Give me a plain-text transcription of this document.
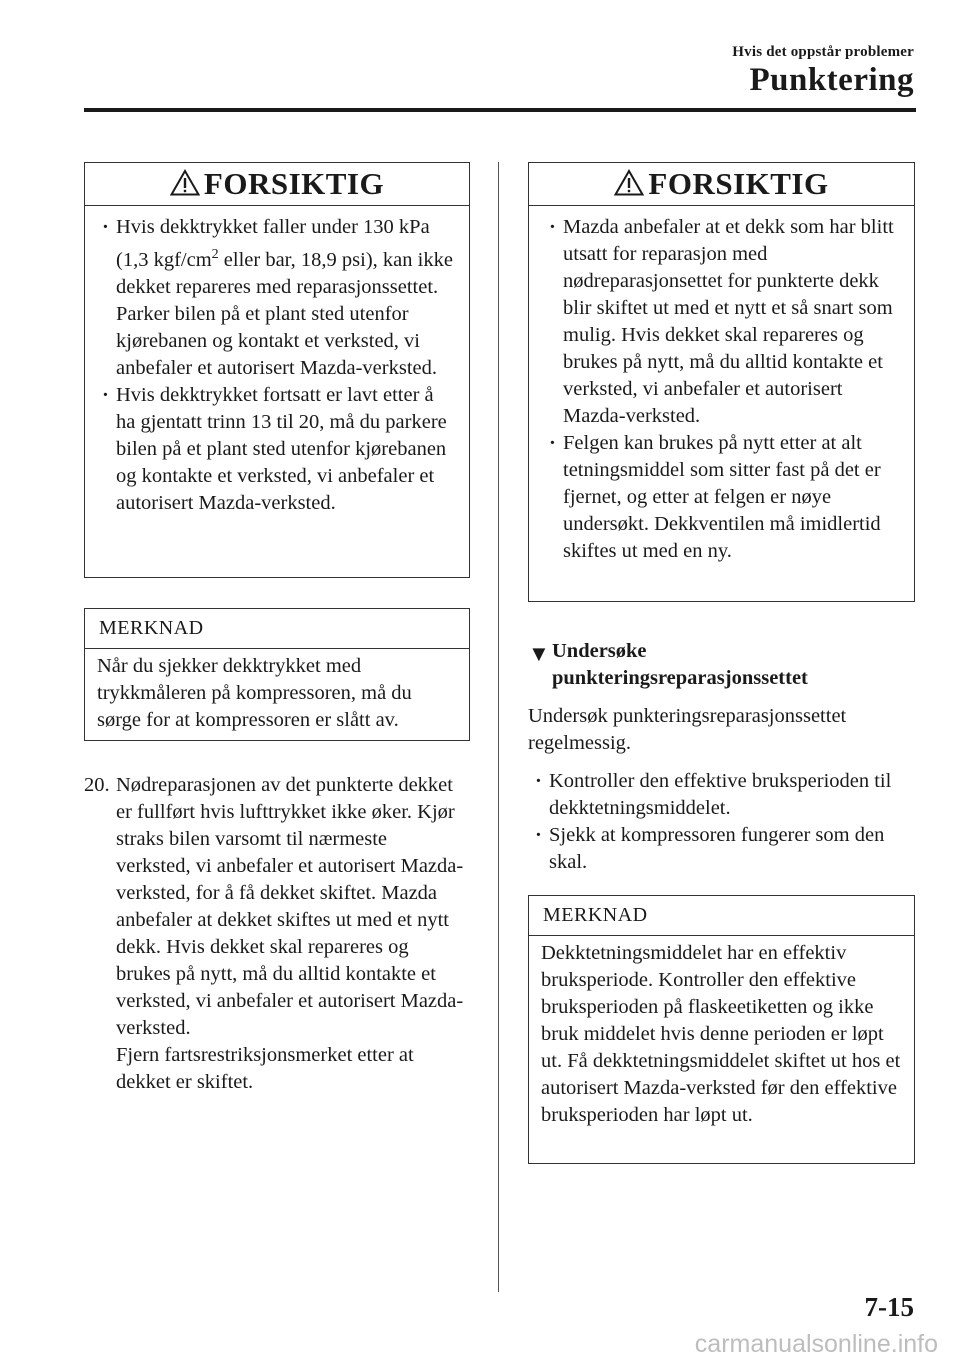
Hvis det oppstår problemer
Punktering
FORSIKTIG
· Hvis dekktrykket faller under 130 kPa (1,3 kgf/$cm^2$ eller bar, 18,9 psi), kan ikke dekket repareres med reparasjonssettet. Parker bilen på et plant sted utenfor kjørebanen og kontakt et verksted, vi anbefaler et autorisert Mazda-verksted.
· Hvis dekktrykket fortsatt er lavt etter å ha gjentatt trinn 13 til 20, må du parkere bilen på et plant sted utenfor kjørebanen og kontakte et verksted, vi anbefaler et autorisert Mazda-verksted.
MERKNAD
Når du sjekker dekktrykket med trykkmåleren på kompressoren, må du sørge for at kompressoren er slått av.
20. Nødreparasjonen av det punkterte dekket er fullført hvis lufttrykket ikke øker. Kjør straks bilen varsomt til nærmeste verksted, vi anbefaler et autorisert Mazda-verksted, for å få dekket skiftet. Mazda anbefaler at dekket skiftes ut med et nytt dekk. Hvis dekket skal repareres og brukes på nytt, må du alltid kontakte et verksted, vi anbefaler et autorisert Mazda-verksted.
Fjern fartsrestriksjonsmerket etter at dekket er skiftet.
FORSIKTIG
· Mazda anbefaler at et dekk som har blitt utsatt for reparasjon med nødreparasjonsettet for punkterte dekk blir skiftet ut med et nytt et så snart som mulig. Hvis dekket skal repareres og brukes på nytt, må du alltid kontakte et verksted, vi anbefaler et autorisert Mazda-verksted.
· Felgen kan brukes på nytt etter at alt tetningsmiddel som sitter fast på det er fjernet, og etter at felgen er nøye undersøkt. Dekkventilen må imidlertid skiftes ut med en ny.
▼ Undersøke
punkteringsreparasjonssettet
Undersøk punkteringsreparasjonssettet regelmessig.
· Kontroller den effektive bruksperioden til dekktetningsmiddelet.
· Sjekk at kompressoren fungerer som den skal.
MERKNAD
Dekktetningsmiddelet har en effektiv bruksperiode. Kontroller den effektive bruksperioden på flaskeetiketten og ikke bruk middelet hvis denne perioden er løpt ut. Få dekktetningsmiddelet skiftet ut hos et autorisert Mazda-verksted før den effektive bruksperioden har løpt ut.
7-15
carmanualsonline.info
